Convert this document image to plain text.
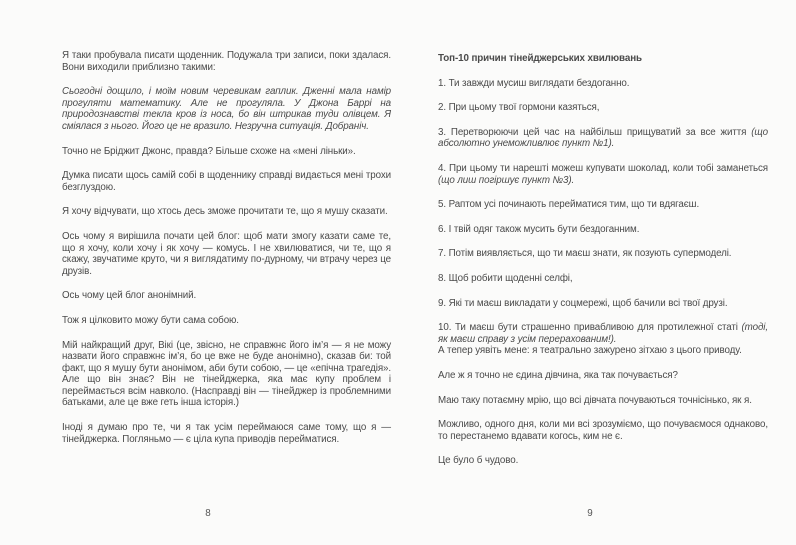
Я таки пробувала писати щоденник. Подужала три записи, поки здалася. Вони виходили приблизно такими:

Сьогодні дощило, і моїм новим черевикам гаплик. Дженні мала намір прогуляти математику. Але не прогуляла. У Джона Баррі на природознавстві текла кров із носа, бо він штрикав туди олівцем. Я сміялася з нього. Його це не вразило. Незручна ситуація. Добраніч.

Точно не Бріджит Джонс, правда? Більше схоже на «мені ліньки».

Думка писати щось самій собі в щоденнику справді видається мені трохи безглуздою.

Я хочу відчувати, що хтось десь зможе прочитати те, що я мушу сказати.

Ось чому я вирішила почати цей блог: щоб мати змогу казати саме те, що я хочу, коли хочу і як хочу — комусь. І не хвилюватися, чи те, що я скажу, звучатиме круто, чи я виглядатиму по-дурному, чи втрачу через це друзів.

Ось чому цей блог анонімний.

Тож я цілковито можу бути сама собою.

Мій найкращий друг, Вікі (це, звісно, не справжнє його ім’я — я не можу назвати його справжнє ім’я, бо це вже не буде анонімно), сказав би: той факт, що я мушу бути анонімом, аби бути собою, — це «епічна трагедія». Але що він знає? Він не тінейджерка, яка має купу проблем і переймається всім навколо. (Насправді він — тінейджер із проблемними батьками, але це вже геть інша історія.)

Іноді я думаю про те, чи я так усім переймаюся саме тому, що я — тінейджерка. Погляньмо — є ціла купа приводів перейматися.

8

Топ-10 причин тінейджерських хвилювань

1. Ти завжди мусиш виглядати бездоганно.

2. При цьому твої гормони казяться,

3. Перетворюючи цей час на найбільш прищуватий за все життя (що абсолютно унеможливлює пункт №1).

4. При цьому ти нарешті можеш купувати шоколад, коли тобі заманеться (що лиш погіршує пункт №3).

5. Раптом усі починають перейматися тим, що ти вдягаєш.

6. І твій одяг також мусить бути бездоганним.

7. Потім виявляється, що ти маєш знати, як позують супермоделі.

8. Щоб робити щоденні селфі,

9. Які ти маєш викладати у соцмережі, щоб бачили всі твої друзі.

10. Ти маєш бути страшенно привабливою для протилежної статі (тоді, як маєш справу з усім перерахованим!).

А тепер уявіть мене: я театрально зажурено зітхаю з цього приводу.

Але ж я точно не єдина дівчина, яка так почувається?

Маю таку потаємну мрію, що всі дівчата почуваються точнісінько, як я.

Можливо, одного дня, коли ми всі зрозуміємо, що почуваємося однаково, то перестанемо вдавати когось, ким не є.

Це було б чудово.

9
